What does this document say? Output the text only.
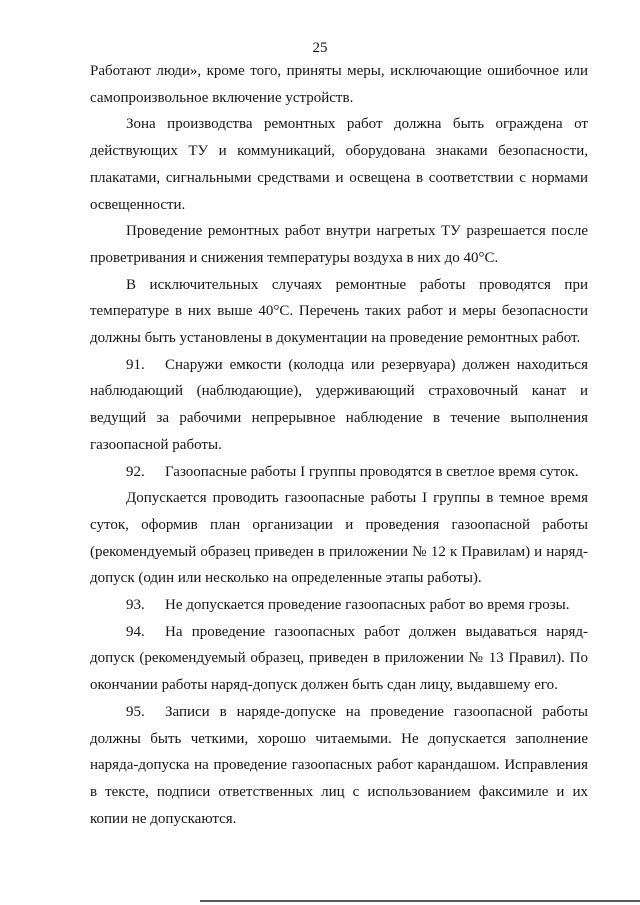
25

Работают люди», кроме того, приняты меры, исключающие ошибочное или самопроизвольное включение устройств.

Зона производства ремонтных работ должна быть ограждена от действующих ТУ и коммуникаций, оборудована знаками безопасности, плакатами, сигнальными средствами и освещена в соответствии с нормами освещенности.

Проведение ремонтных работ внутри нагретых ТУ разрешается после проветривания и снижения температуры воздуха в них до 40°C.

В исключительных случаях ремонтные работы проводятся при температуре в них выше 40°C. Перечень таких работ и меры безопасности должны быть установлены в документации на проведение ремонтных работ.

91. Снаружи емкости (колодца или резервуара) должен находиться наблюдающий (наблюдающие), удерживающий страховочный канат и ведущий за рабочими непрерывное наблюдение в течение выполнения газоопасной работы.

92. Газоопасные работы I группы проводятся в светлое время суток.

Допускается проводить газоопасные работы I группы в темное время суток, оформив план организации и проведения газоопасной работы (рекомендуемый образец приведен в приложении № 12 к Правилам) и наряд-допуск (один или несколько на определенные этапы работы).

93. Не допускается проведение газоопасных работ во время грозы.

94. На проведение газоопасных работ должен выдаваться наряд-допуск (рекомендуемый образец, приведен в приложении № 13 Правил). По окончании работы наряд-допуск должен быть сдан лицу, выдавшему его.

95. Записи в наряде-допуске на проведение газоопасной работы должны быть четкими, хорошо читаемыми. Не допускается заполнение наряда-допуска на проведение газоопасных работ карандашом. Исправления в тексте, подписи ответственных лиц с использованием факсимиле и их копии не допускаются.
